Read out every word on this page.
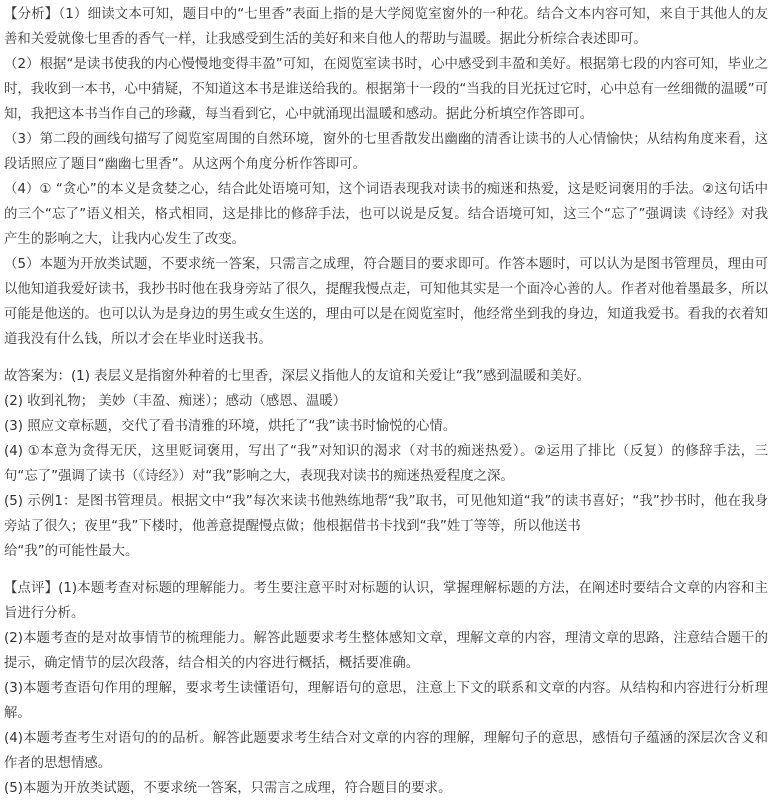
【分析】（1）细读文本可知，题目中的“七里香”表面上指的是大学阅览室窗外的一种花。结合文本内容可知，来自于其他人的友善和关爱就像七里香的香气一样，让我感受到生活的美好和来自他人的帮助与温暖。据此分析综合表述即可。

（2）根据“是读书使我的内心慢慢地变得丰盈”可知，在阅览室读书时，心中感受到丰盈和美好。根据第七段的内容可知，毕业之时，我收到一本书，心中猜疑，不知道这本书是谁送给我的。根据第十一段的“当我的目光抚过它时，心中总有一丝细微的温暖”可知，我把这本书当作自己的珍藏，每当看到它，心中就涌现出温暖和感动。据此分析填空作答即可。

（3）第二段的画线句描写了阅览室周围的自然环境，窗外的七里香散发出幽幽的清香让读书的人心情愉快；从结构角度来看，这段话照应了题目“幽幽七里香”。从这两个角度分析作答即可。

（4）① “贪心”的本义是贪婪之心，结合此处语境可知，这个词语表现我对读书的痴迷和热爱，这是贬词褒用的手法。②这句话中的三个“忘了”语义相关，格式相同，这是排比的修辞手法，也可以说是反复。结合语境可知，这三个“忘了”强调读《诗经》对我产生的影响之大，让我内心发生了改变。

（5）本题为开放类试题，不要求统一答案，只需言之成理，符合题目的要求即可。作答本题时，可以认为是图书管理员，理由可以他知道我爱好读书，我抄书时他在我身旁站了很久，提醒我慢点走，可知他其实是一个面冷心善的人。作者对他着墨最多，所以可能是他送的。也可以认为是身边的男生或女生送的，理由可以是在阅览室时，他经常坐到我的身边，知道我爱书。看我的衣着知道我没有什么钱，所以才会在毕业时送我书。

故答案为：(1) 表层义是指窗外种着的七里香，深层义指他人的友谊和关爱让“我”感到温暖和美好。

(2) 收到礼物； 美妙（丰盈、痴迷）；感动（感恩、温暖）

(3) 照应文章标题，交代了看书清雅的环境，烘托了“我”读书时愉悦的心情。

(4) ①本意为贪得无厌，这里贬词褒用，写出了“我”对知识的渴求（对书的痴迷热爱）。②运用了排比（反复）的修辞手法，三句“忘了”强调了读书（《诗经》）对“我”影响之大，表现我对读书的痴迷热爱程度之深。

(5) 示例1：是图书管理员。根据文中“我”每次来读书他熟练地帮“我”取书，可见他知道“我”的读书喜好；“我”抄书时，他在我身旁站了很久；夜里“我”下楼时，他善意提醒慢点做；他根据借书卡找到“我”姓丁等等，所以他送书

给“我”的可能性最大。

【点评】(1)本题考查对标题的理解能力。考生要注意平时对标题的认识，掌握理解标题的方法，在阐述时要结合文章的内容和主旨进行分析。

(2)本题考查的是对故事情节的梳理能力。解答此题要求考生整体感知文章，理解文章的内容，理清文章的思路，注意结合题干的提示，确定情节的层次段落，结合相关的内容进行概括，概括要准确。

(3)本题考查语句作用的理解，要求考生读懂语句，理解语句的意思，注意上下文的联系和文章的内容。从结构和内容进行分析理解。

(4)本题考查考生对语句的的品析。解答此题要求考生结合对文章的内容的理解，理解句子的意思，感悟句子蕴涵的深层次含义和作者的思想情感。

(5)本题为开放类试题，不要求统一答案，只需言之成理，符合题目的要求。
